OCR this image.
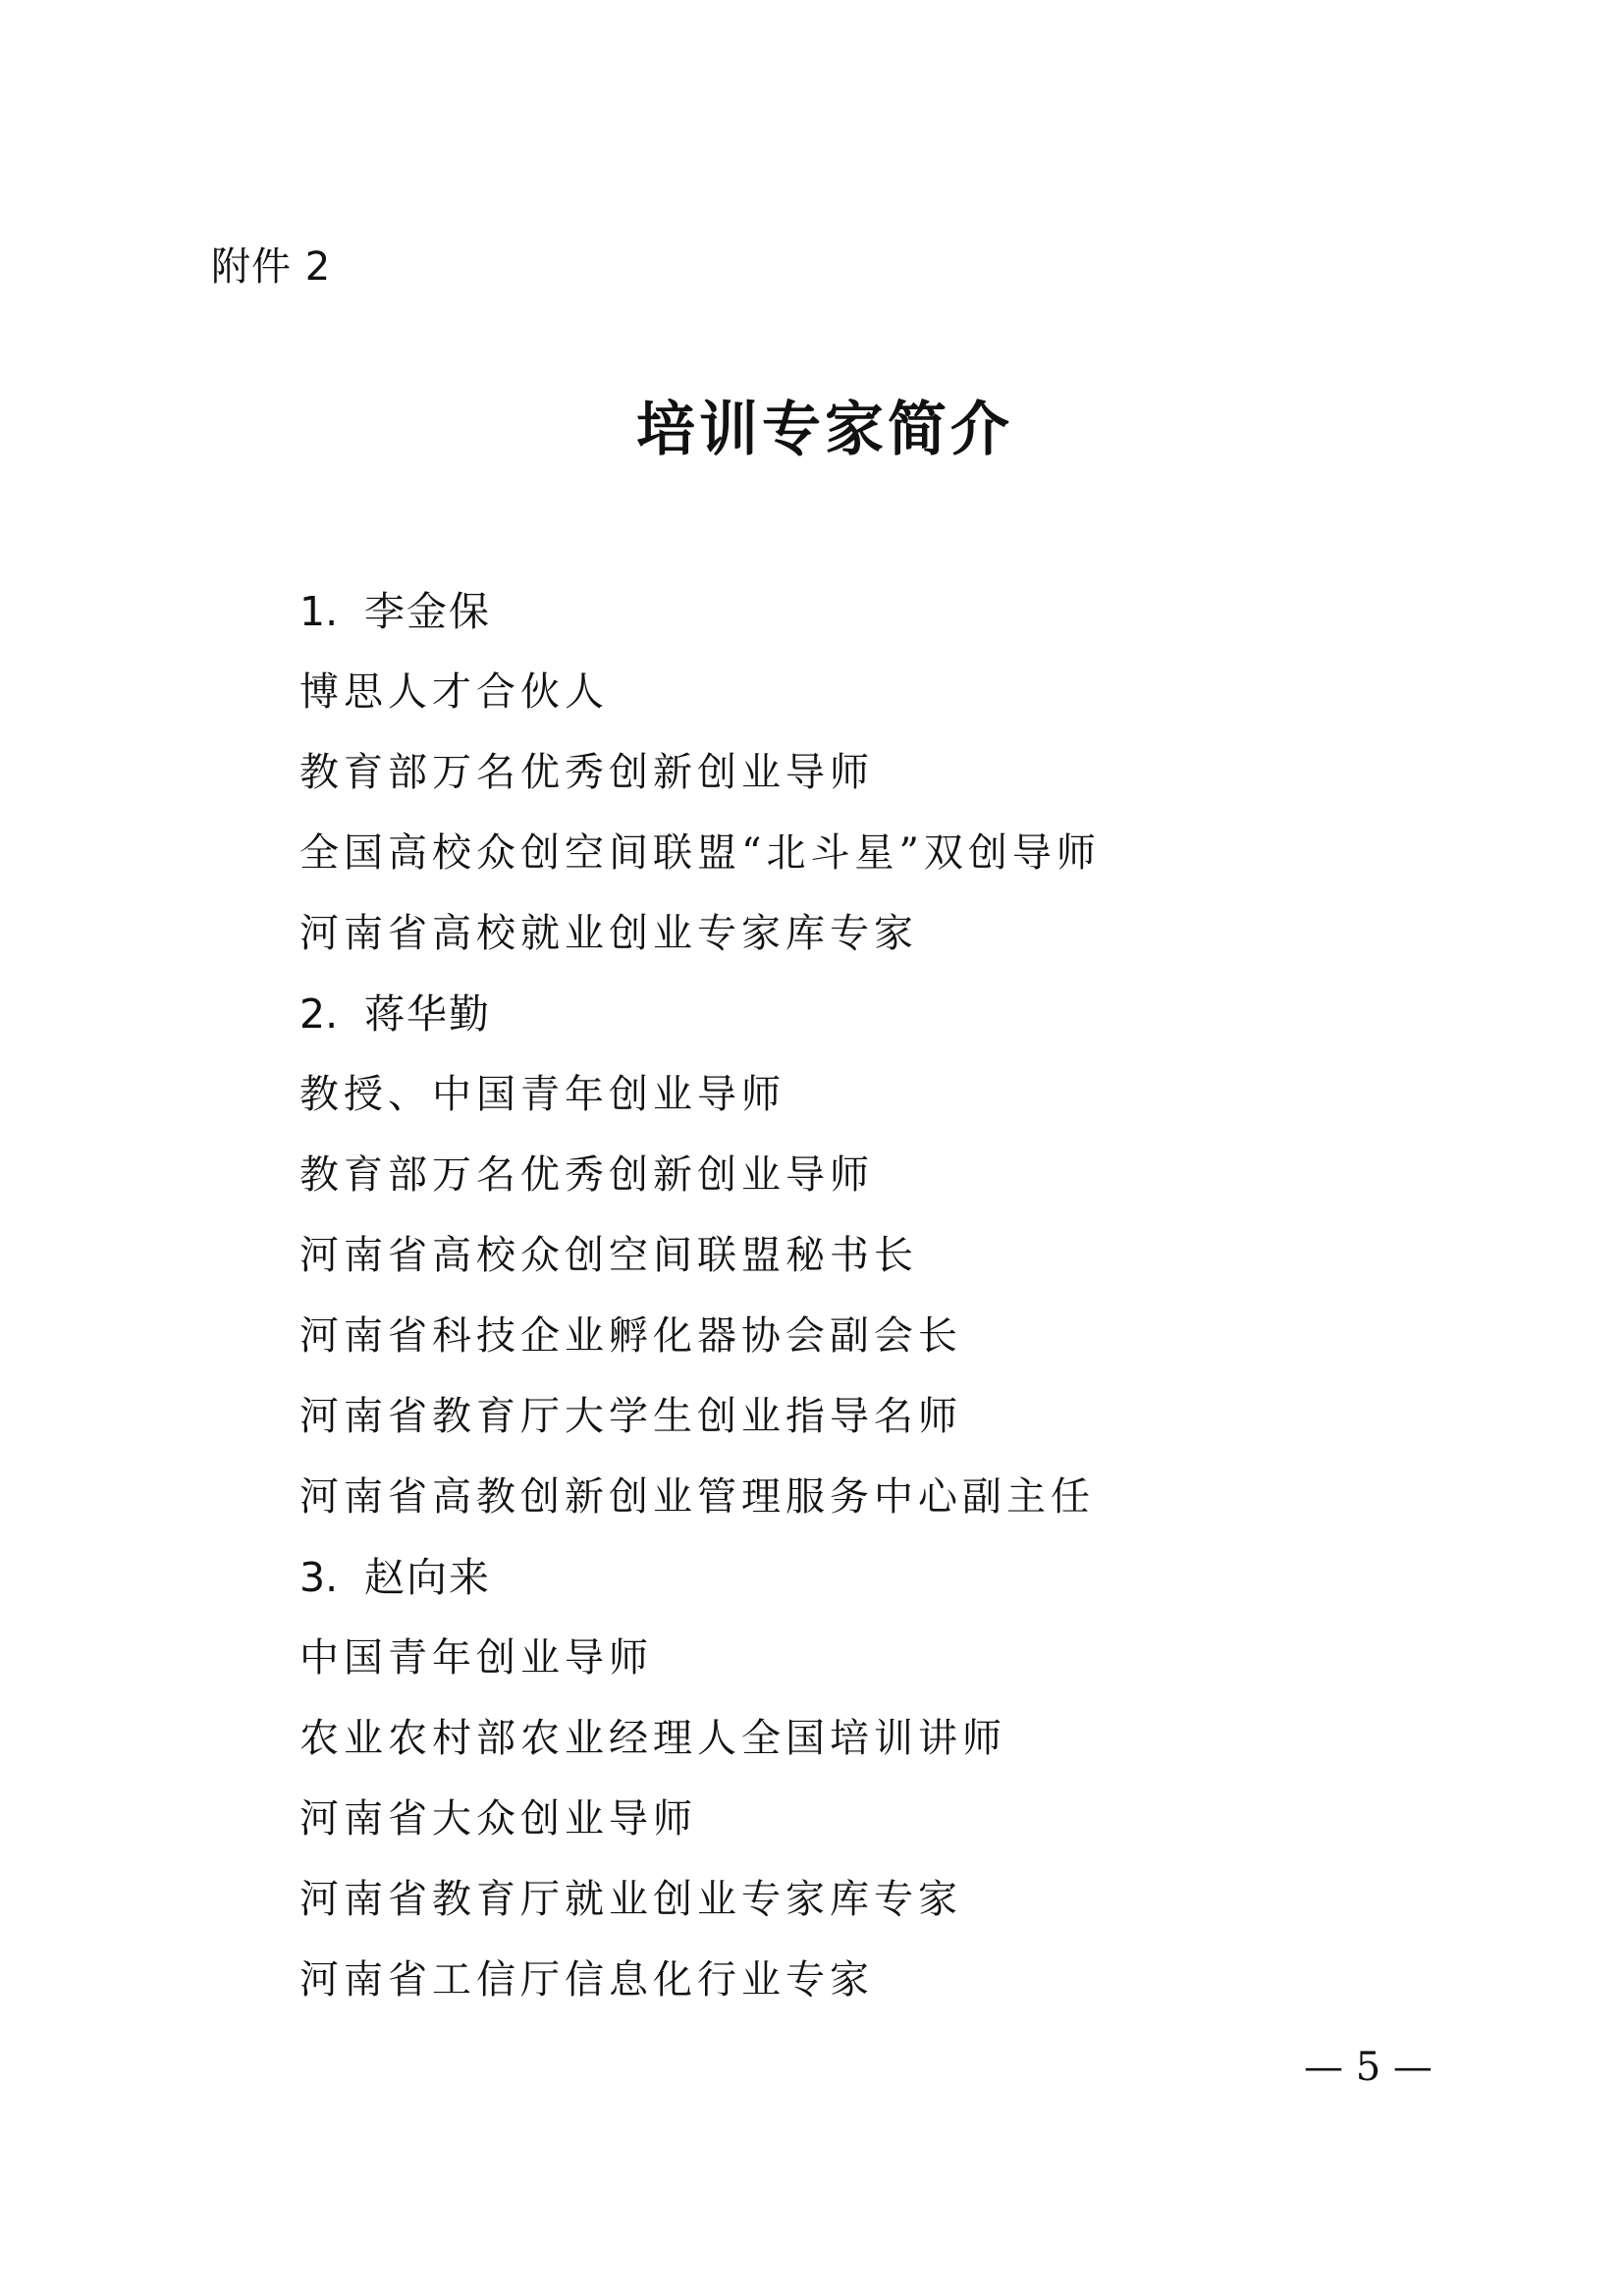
附件 2
培训专家简介
1. 李金保
博思人才合伙人
教育部万名优秀创新创业导师
全国高校众创空间联盟“北斗星”双创导师
河南省高校就业创业专家库专家
2. 蒋华勤
教授、中国青年创业导师
教育部万名优秀创新创业导师
河南省高校众创空间联盟秘书长
河南省科技企业孵化器协会副会长
河南省教育厅大学生创业指导名师
河南省高教创新创业管理服务中心副主任
3. 赵向来
中国青年创业导师
农业农村部农业经理人全国培训讲师
河南省大众创业导师
河南省教育厅就业创业专家库专家
河南省工信厅信息化行业专家
— 5 —
